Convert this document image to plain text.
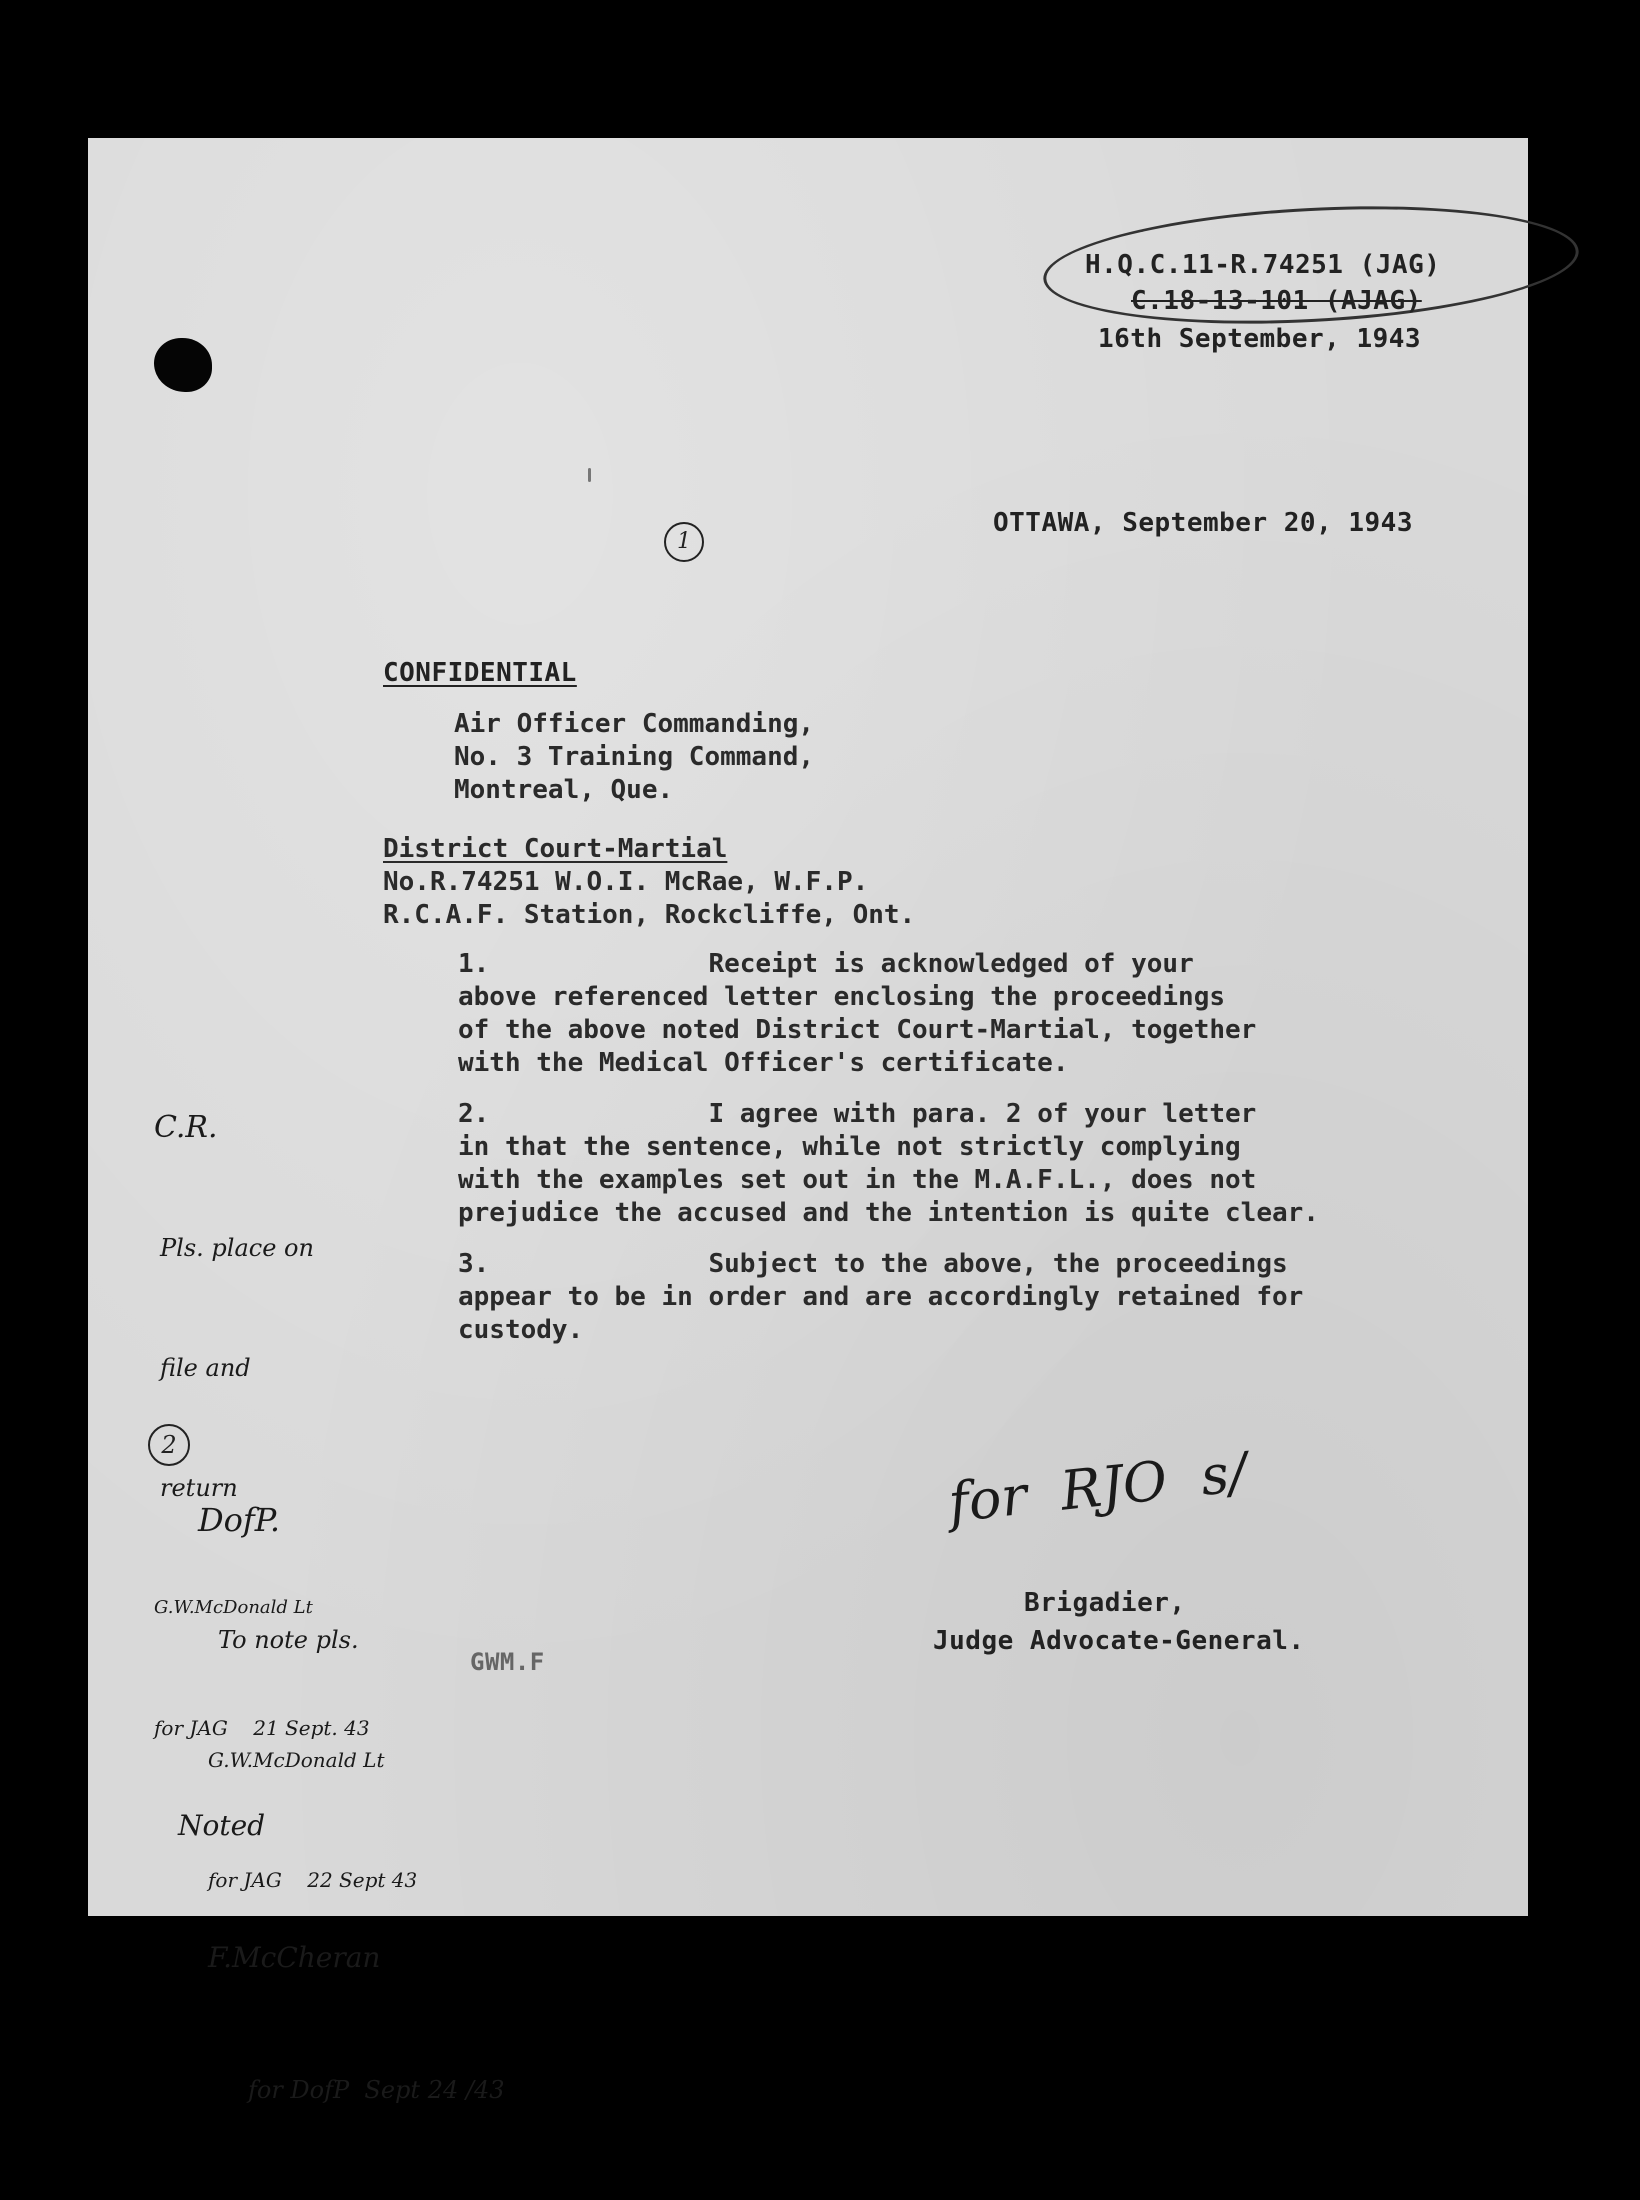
H.Q.C.11-R.74251 (JAG)
C.18-13-101 (AJAG)
16th September, 1943
OTTAWA, September 20, 1943
1
CONFIDENTIAL
Air Officer Commanding,
No. 3 Training Command,
Montreal, Que.
District Court-Martial
No.R.74251 W.O.I. McRae, W.F.P.
R.C.A.F. Station, Rockcliffe, Ont.
1.	Receipt is acknowledged of your
above referenced letter enclosing the proceedings
of the above noted District Court-Martial, together
with the Medical Officer's certificate.
2.	I agree with para. 2 of your letter
in that the sentence, while not strictly complying
with the examples set out in the M.A.F.L., does not
prejudice the accused and the intention is quite clear.
3.	Subject to the above, the proceedings
appear to be in order and are accordingly retained for
custody.

C.R.

Pls. place on

file and

return

G.W.McDonald Lt

for JAG    21 Sept. 43

2

DofP.

To note pls.

G.W.McDonald Lt

for JAG    22 Sept 43

Noted

F.McCheran

for DofP  Sept 24 /43

for  RJO  s/
Brigadier,
Judge Advocate-General.
GWM.F
